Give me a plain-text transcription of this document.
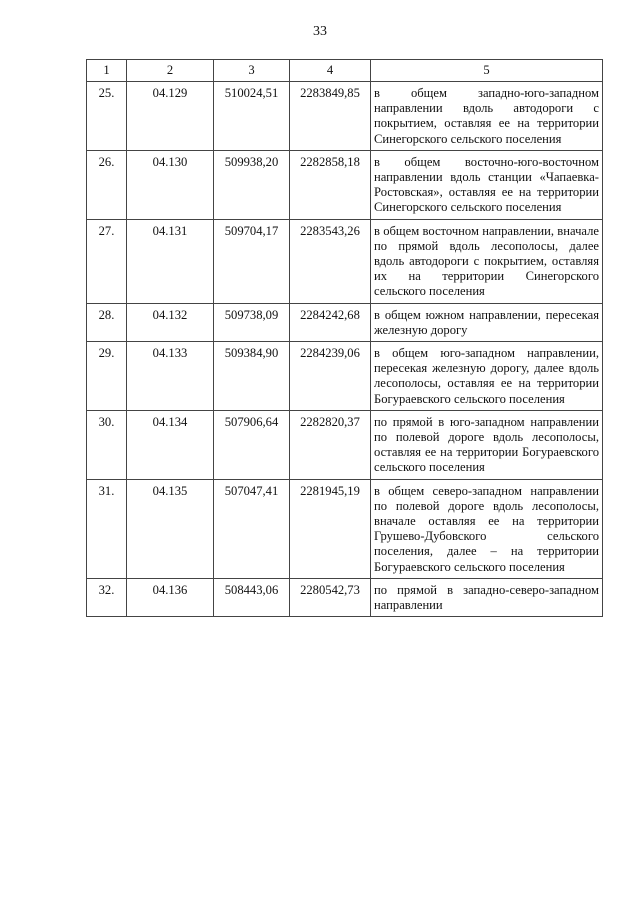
33
1	2	3	4	5
25.	04.129	510024,51	2283849,85	в общем западно-юго-западном направлении вдоль автодороги с покрытием, оставляя ее на территории Синегорского сельского поселения
26.	04.130	509938,20	2282858,18	в общем восточно-юго-восточном направлении вдоль станции «Чапаевка-Ростовская», оставляя ее на территории Синегорского сельского поселения
27.	04.131	509704,17	2283543,26	в общем восточном направлении, вначале по прямой вдоль лесополосы, далее вдоль автодороги с покрытием, оставляя их на территории Синегорского сельского поселения
28.	04.132	509738,09	2284242,68	в общем южном направлении, пересекая железную дорогу
29.	04.133	509384,90	2284239,06	в общем юго-западном направлении, пересекая железную дорогу, далее вдоль лесополосы, оставляя ее на территории Богураевского сельского поселения
30.	04.134	507906,64	2282820,37	по прямой в юго-западном направлении по полевой дороге вдоль лесополосы, оставляя ее на территории Богураевского сельского поселения
31.	04.135	507047,41	2281945,19	в общем северо-западном направлении по полевой дороге вдоль лесополосы, вначале оставляя ее на территории Грушево-Дубовского сельского поселения, далее – на территории Богураевского сельского поселения
32.	04.136	508443,06	2280542,73	по прямой в западно-северо-западном направлении
